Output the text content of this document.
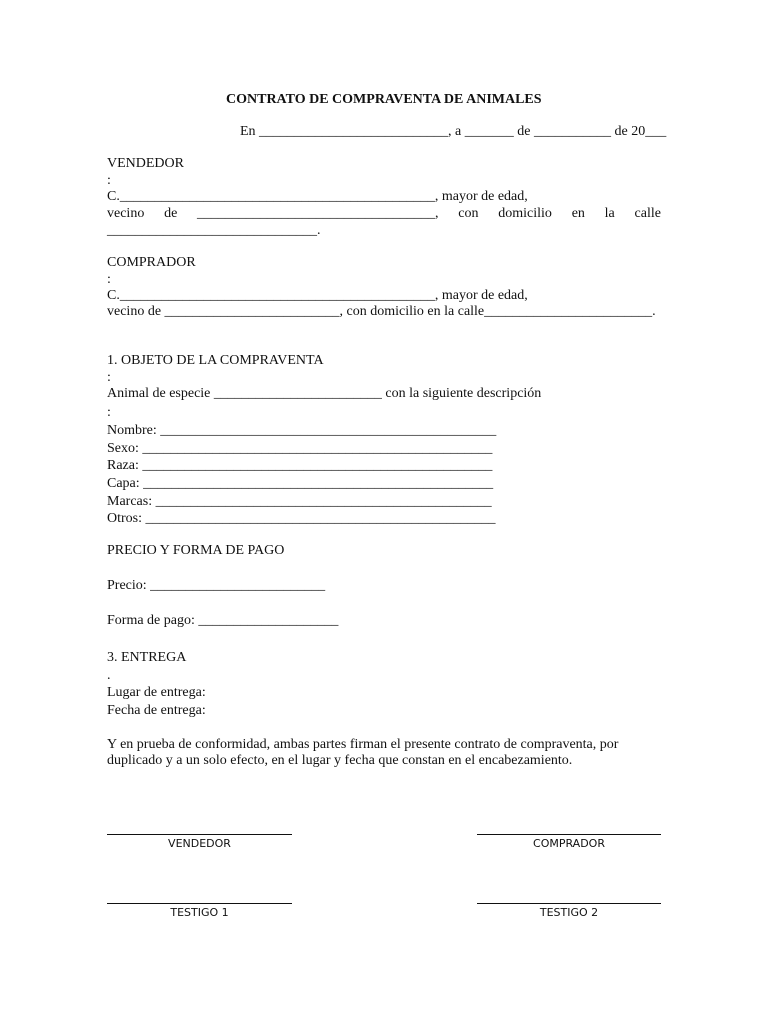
CONTRATO DE COMPRAVENTA DE ANIMALES
En ___________________________, a _______ de ___________ de 20___
VENDEDOR
:
C._____________________________________________, mayor de edad,
vecino de __________________________________, con domicilio en la calle
______________________________.
COMPRADOR
:
C._____________________________________________, mayor de edad,
vecino de _________________________, con domicilio en la calle________________________.
1. OBJETO DE LA COMPRAVENTA
:
Animal de especie ________________________ con la siguiente descripción
:
Nombre: ________________________________________________
Sexo: __________________________________________________
Raza: __________________________________________________
Capa: __________________________________________________
Marcas: ________________________________________________
Otros: __________________________________________________
PRECIO Y FORMA DE PAGO
Precio: _________________________
Forma de pago: ____________________
3. ENTREGA
.
Lugar de entrega:
Fecha de entrega:
Y en prueba de conformidad, ambas partes firman el presente contrato de compraventa, por
duplicado y a un solo efecto, en el lugar y fecha que constan en el encabezamiento.
VENDEDOR	COMPRADOR
TESTIGO 1	TESTIGO 2
